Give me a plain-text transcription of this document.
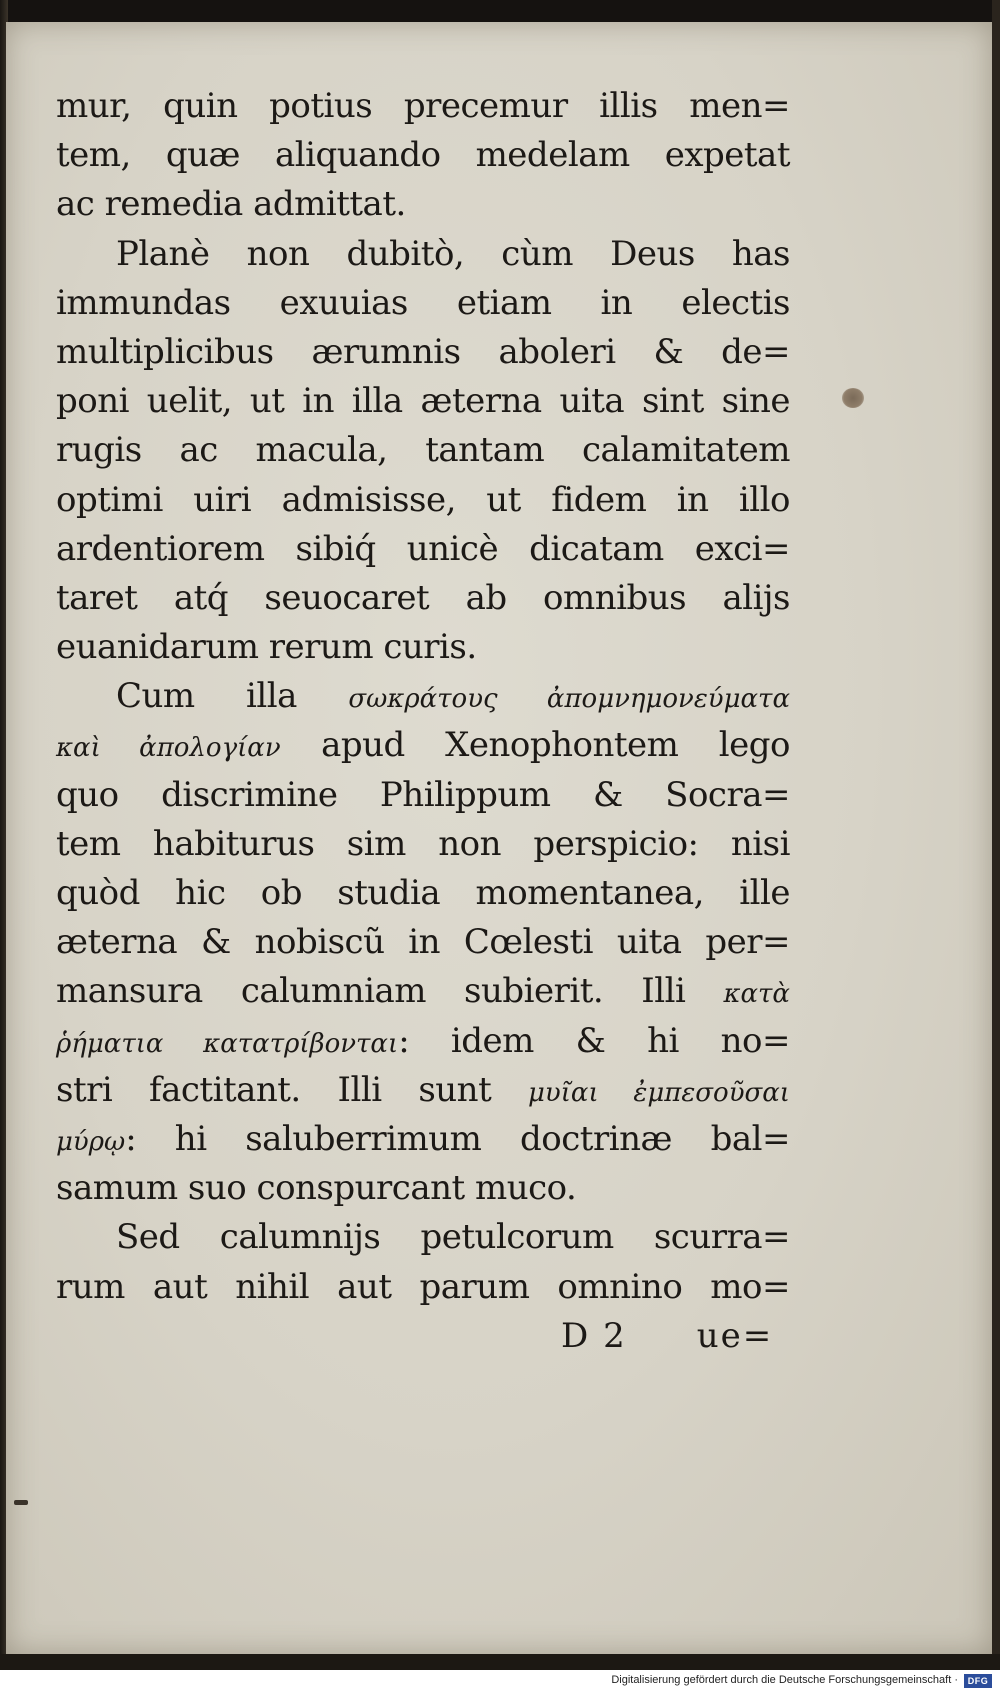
mur, quin potius precemur illis men=
tem, quæ aliquando medelam expetat
ac remedia admittat.
Planè non dubitò, cùm Deus has
immundas exuuias etiam in electis
multiplicibus ærumnis aboleri & de=
poni uelit, ut in illa æterna uita sint sine
rugis ac macula, tantam calamitatem
optimi uiri admisisse, ut fidem in illo
ardentiorem sibiq́ unicè dicatam exci=
taret atq́ seuocaret ab omnibus alijs
euanidarum rerum curis.
Cum illa σωκράτους ἀπομνημονεύματα
καὶ ἀπολογίαν apud Xenophontem lego
quo discrimine Philippum & Socra=
tem habiturus sim non perspicio: nisi
quòd hic ob studia momentanea, ille
æterna & nobiscũ in Cœlesti uita per=
mansura calumniam subierit. Illi κατὰ
ῥήματια κατατρίβονται: idem & hi no=
stri factitant. Illi sunt μυῖαι ἐμπεσοῦσαι
μύρῳ: hi saluberrimum doctrinæ bal=
samum suo conspurcant muco.
Sed calumnijs petulcorum scurra=
rum aut nihil aut parum omnino mo=
D 2 ue=
Digitalisierung gefördert durch die Deutsche Forschungsgemeinschaft ·	DFG
